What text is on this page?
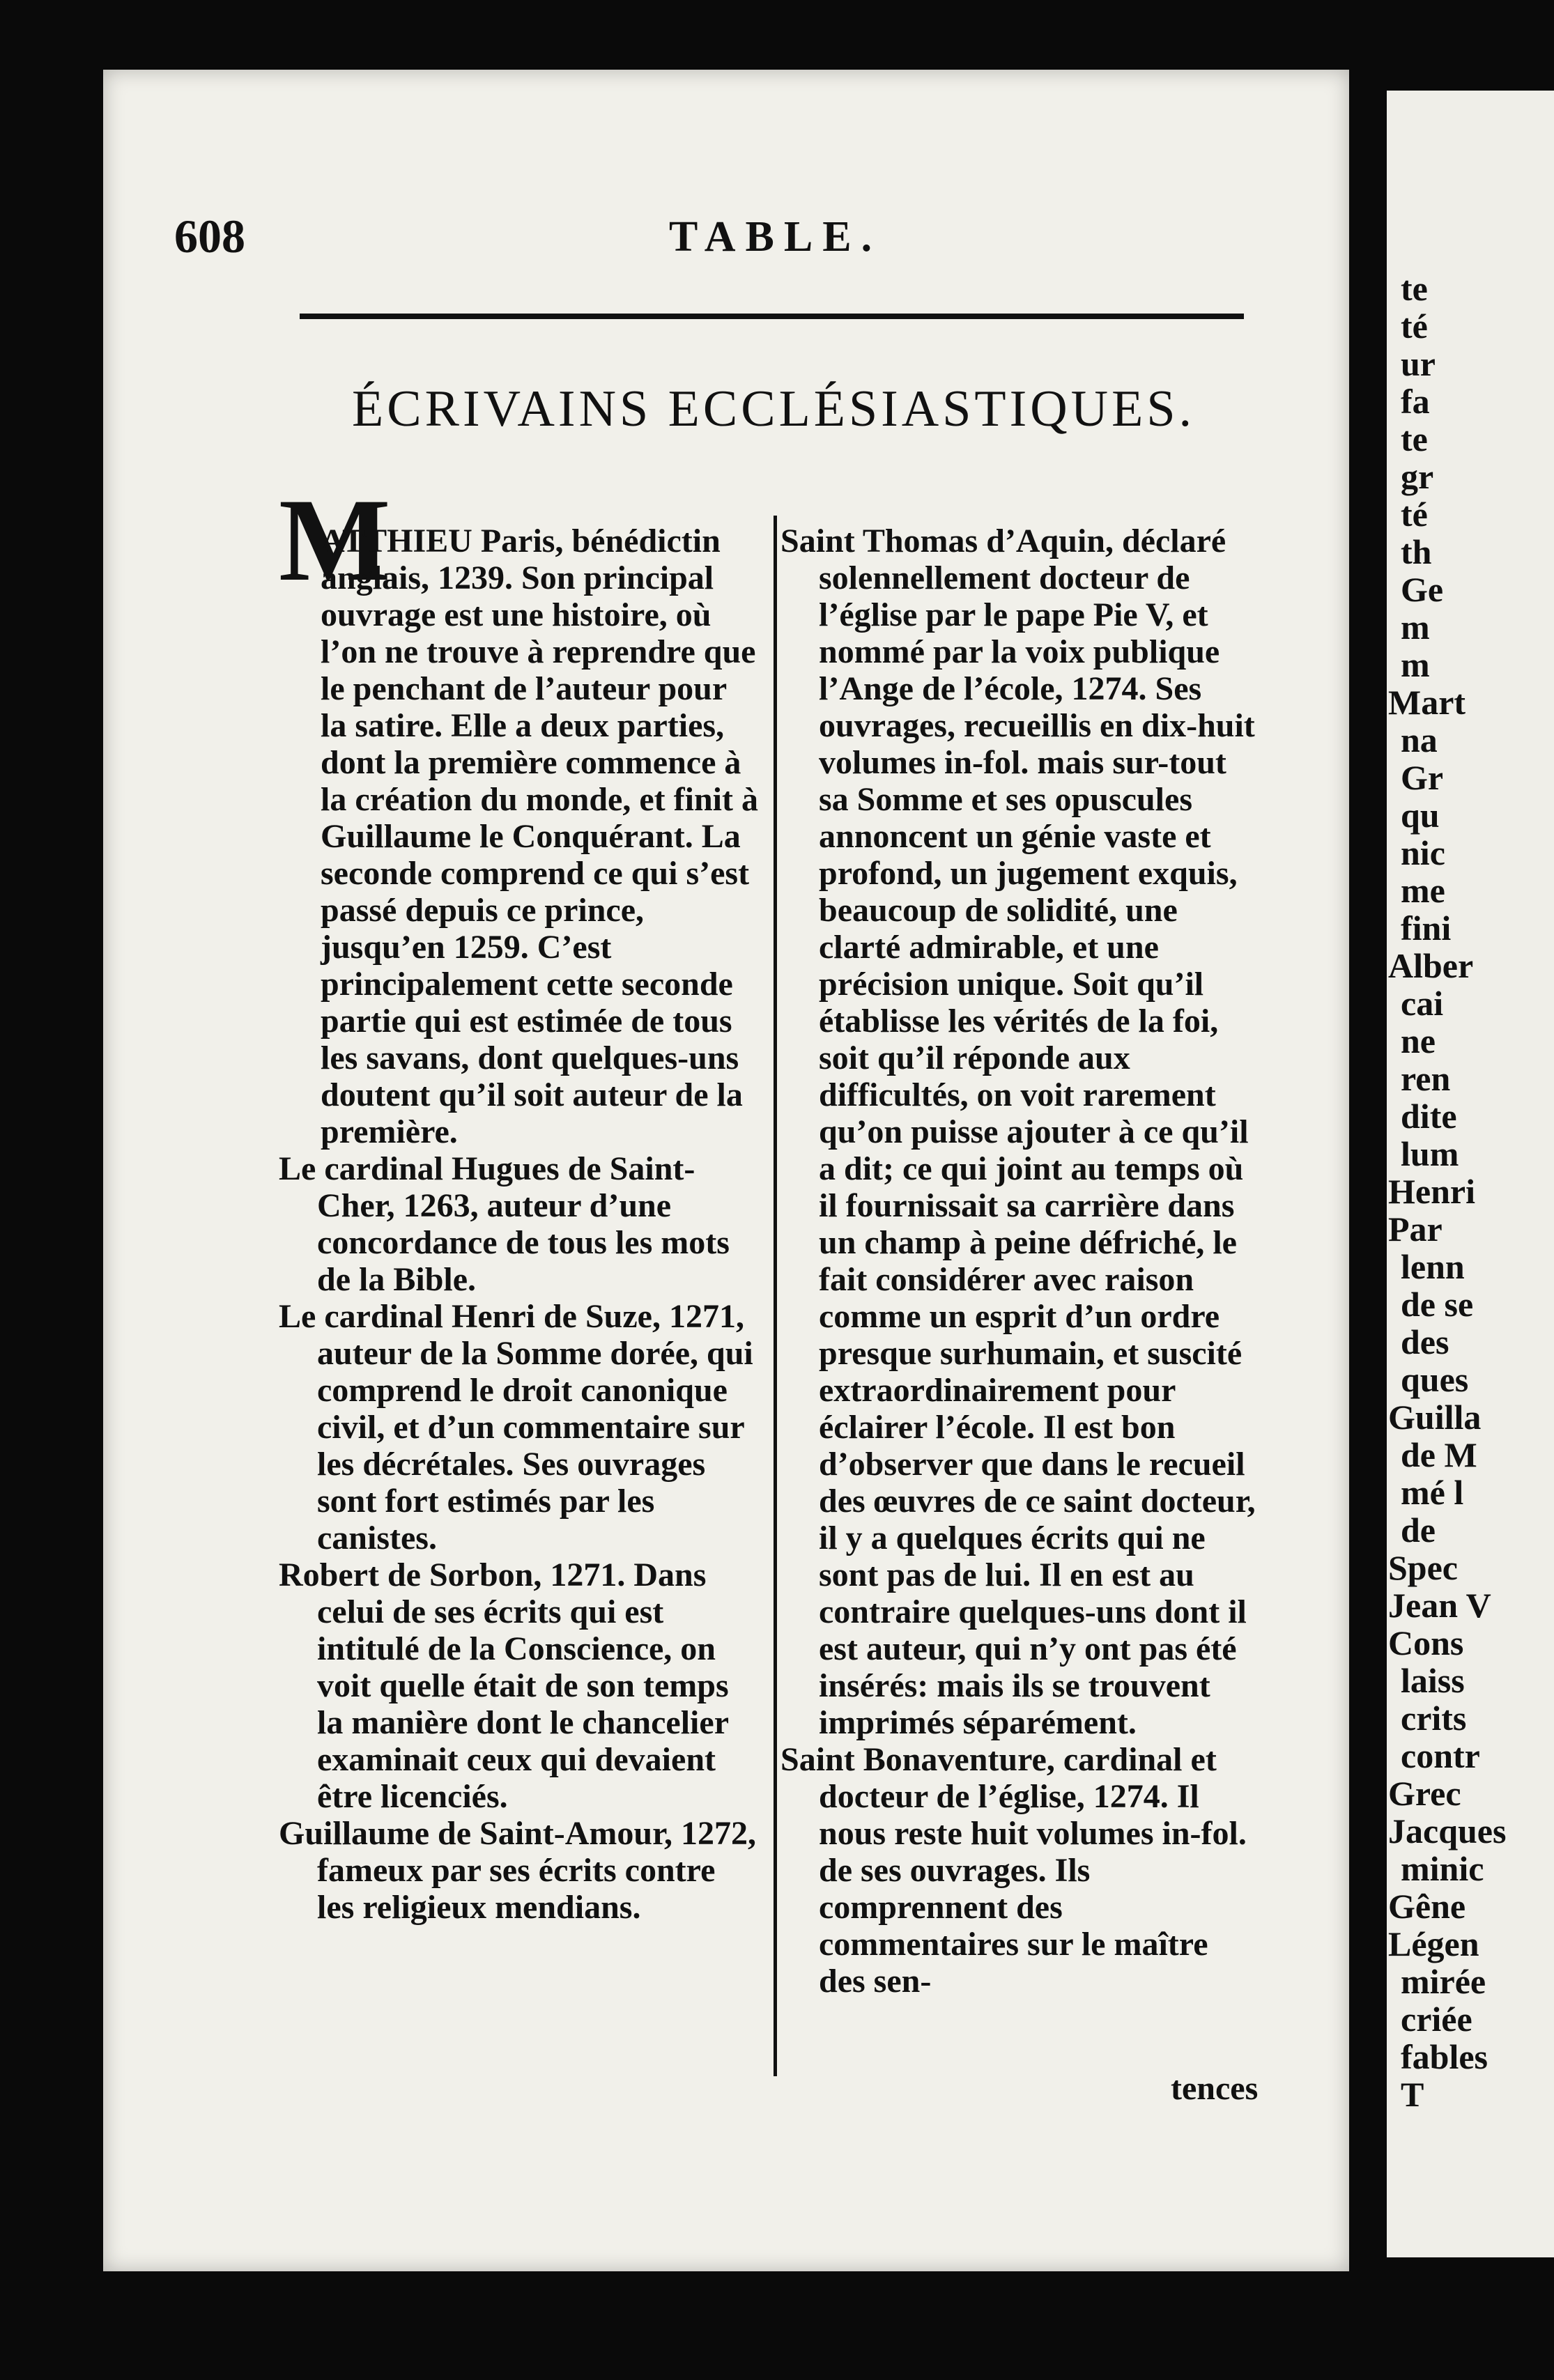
te
té
ur
fa
te
gr
té
th
Ge
m
m
Mart
na
Gr
qu
nic
me
fini
Alber
cai
ne
ren
dite
lum
Henri
Par
lenn
de se
des
ques
Guilla
de M
mé l
de
Spec
Jean V
Cons
laiss
crits
contr
Grec
Jacques
minic
Gêne
Légen
mirée
criée
fables
T
608	TABLE.
ÉCRIVAINS ECCLÉSIASTIQUES.
M

ATTHIEU Paris, bénédictin anglais, 1239. Son principal ouvrage est une histoire, où l’on ne trouve à reprendre que le penchant de l’auteur pour la satire. Elle a deux parties, dont la première commence à la création du monde, et finit à Guillaume le Conquérant. La seconde comprend ce qui s’est passé depuis ce prince, jusqu’en 1259. C’est principalement cette seconde partie qui est estimée de tous les savans, dont quelques-uns doutent qu’il soit auteur de la première.

Le cardinal Hugues de Saint-Cher, 1263, auteur d’une concordance de tous les mots de la Bible.

Le cardinal Henri de Suze, 1271, auteur de la Somme dorée, qui comprend le droit canonique civil, et d’un commentaire sur les décrétales. Ses ouvrages sont fort estimés par les canistes.

Robert de Sorbon, 1271. Dans celui de ses écrits qui est intitulé de la Conscience, on voit quelle était de son temps la manière dont le chancelier examinait ceux qui devaient être licenciés.

Guillaume de Saint-Amour, 1272, fameux par ses écrits contre les religieux mendians.

Saint Thomas d’Aquin, déclaré solennellement docteur de l’église par le pape Pie V, et nommé par la voix publique l’Ange de l’école, 1274. Ses ouvrages, recueillis en dix-huit volumes in-fol. mais sur-tout sa Somme et ses opuscules annoncent un génie vaste et profond, un jugement exquis, beaucoup de solidité, une clarté admirable, et une précision unique. Soit qu’il établisse les vérités de la foi, soit qu’il réponde aux difficultés, on voit rarement qu’on puisse ajouter à ce qu’il a dit; ce qui joint au temps où il fournissait sa carrière dans un champ à peine défriché, le fait considérer avec raison comme un esprit d’un ordre presque surhumain, et suscité extraordinairement pour éclairer l’école. Il est bon d’observer que dans le recueil des œuvres de ce saint docteur, il y a quelques écrits qui ne sont pas de lui. Il en est au contraire quelques-uns dont il est auteur, qui n’y ont pas été insérés: mais ils se trouvent imprimés séparément.

Saint Bonaventure, cardinal et docteur de l’église, 1274. Il nous reste huit volumes in-fol. de ses ouvrages. Ils comprennent des commentaires sur le maître des sen-

tences
